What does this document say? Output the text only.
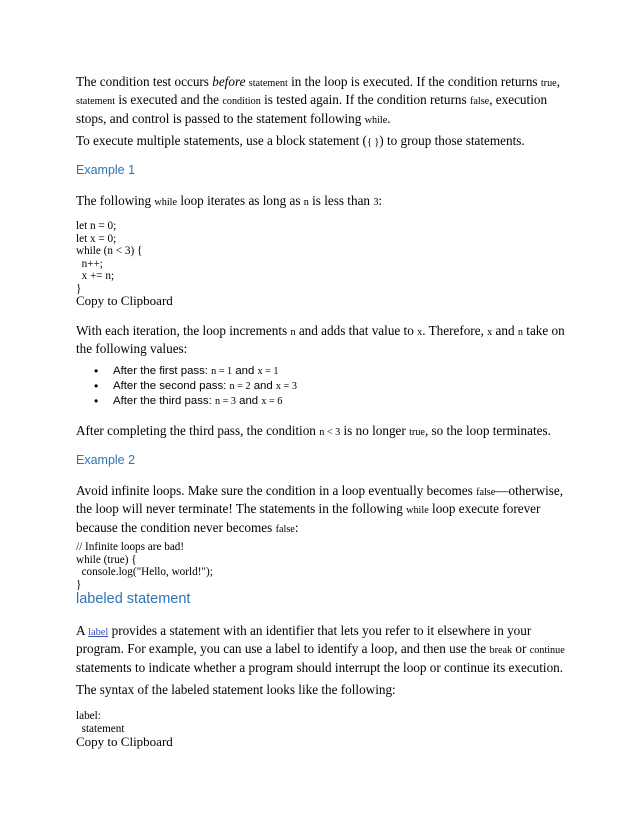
The condition test occurs before statement in the loop is executed. If the condition returns true, statement is executed and the condition is tested again. If the condition returns false, execution stops, and control is passed to the statement following while.

To execute multiple statements, use a block statement ({ }) to group those statements.

Example 1

The following while loop iterates as long as n is less than 3:

let n = 0;
let x = 0;
while (n < 3) {
n++;
x += n;
}
Copy to Clipboard

With each iteration, the loop increments n and adds that value to x. Therefore, x and n take on the following values:

• After the first pass: n = 1 and x = 1
• After the second pass: n = 2 and x = 3
• After the third pass: n = 3 and x = 6

After completing the third pass, the condition n < 3 is no longer true, so the loop terminates.

Example 2

Avoid infinite loops. Make sure the condition in a loop eventually becomes false—otherwise, the loop will never terminate! The statements in the following while loop execute forever because the condition never becomes false:

// Infinite loops are bad!
while (true) {
console.log("Hello, world!");
}
labeled statement

A label provides a statement with an identifier that lets you refer to it elsewhere in your program. For example, you can use a label to identify a loop, and then use the break or continue statements to indicate whether a program should interrupt the loop or continue its execution.

The syntax of the labeled statement looks like the following:

label:
statement
Copy to Clipboard
